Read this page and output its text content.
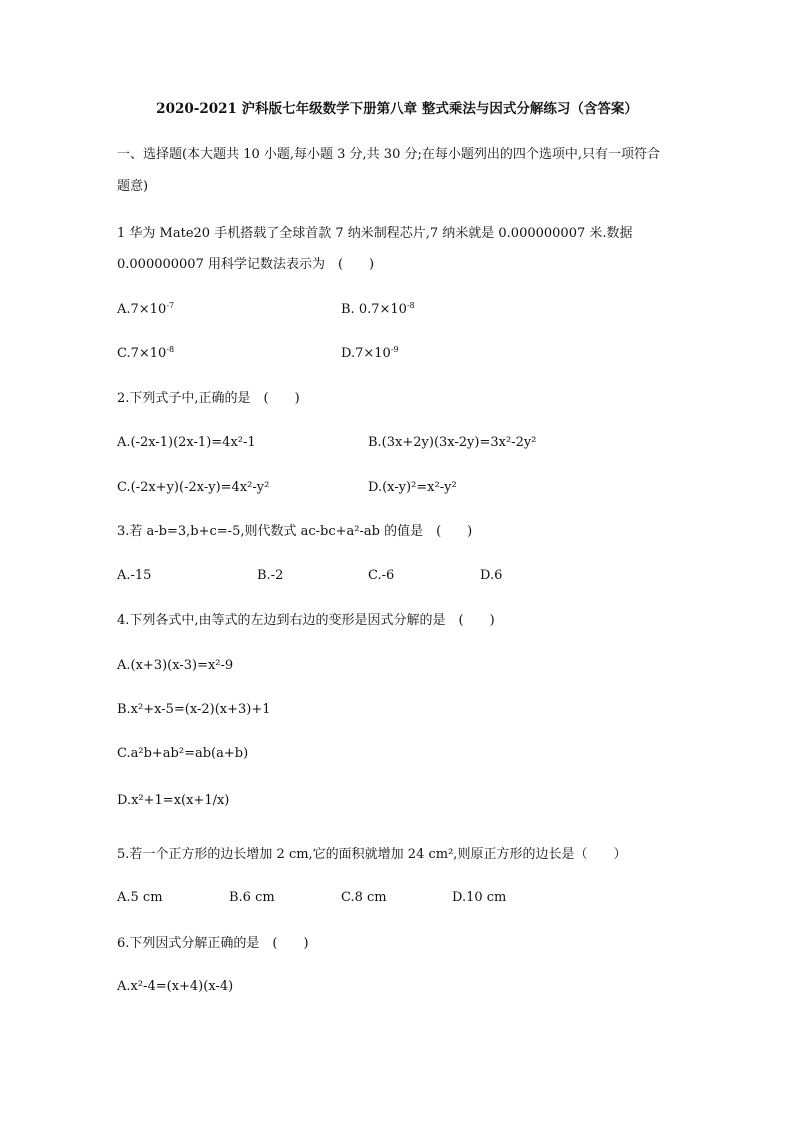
2020-2021 沪科版七年级数学下册第八章 整式乘法与因式分解练习（含答案）
一、选择题(本大题共 10 小题,每小题 3 分,共 30 分;在每小题列出的四个选项中,只有一项符合
题意)
1 华为 Mate20 手机搭载了全球首款 7 纳米制程芯片,7 纳米就是 0.000000007 米.数据
0.000000007 用科学记数法表示为　(　　)
$A.7\times 10^{-7}$	B. $0.7\times 10^{-8}$
$C.7\times 10^{-8}$	$D.7\times 10^{-9}$
2.下列式子中,正确的是　(　　)
A.(-2x-1)(2x-1)=4x²-1	B.(3x+2y)(3x-2y)=3x²-2y²
C.(-2x+y)(-2x-y)=4x²-y²	D.(x-y)²=x²-y²
3.若 a-b=3,b+c=-5,则代数式 ac-bc+a²-ab 的值是　(　　)
A.-15	B.-2	C.-6	D.6
4.下列各式中,由等式的左边到右边的变形是因式分解的是　(　　)
A.(x+3)(x-3)=x²-9
B.x²+x-5=(x-2)(x+3)+1
C.a²b+ab²=ab(a+b)
D.x²+1=x(x+1/x)
5.若一个正方形的边长增加 2 cm,它的面积就增加 24 cm²,则原正方形的边长是（　　）
A.5 cm	B.6 cm	C.8 cm	D.10 cm
6.下列因式分解正确的是　(　　)
A.x²-4=(x+4)(x-4)
